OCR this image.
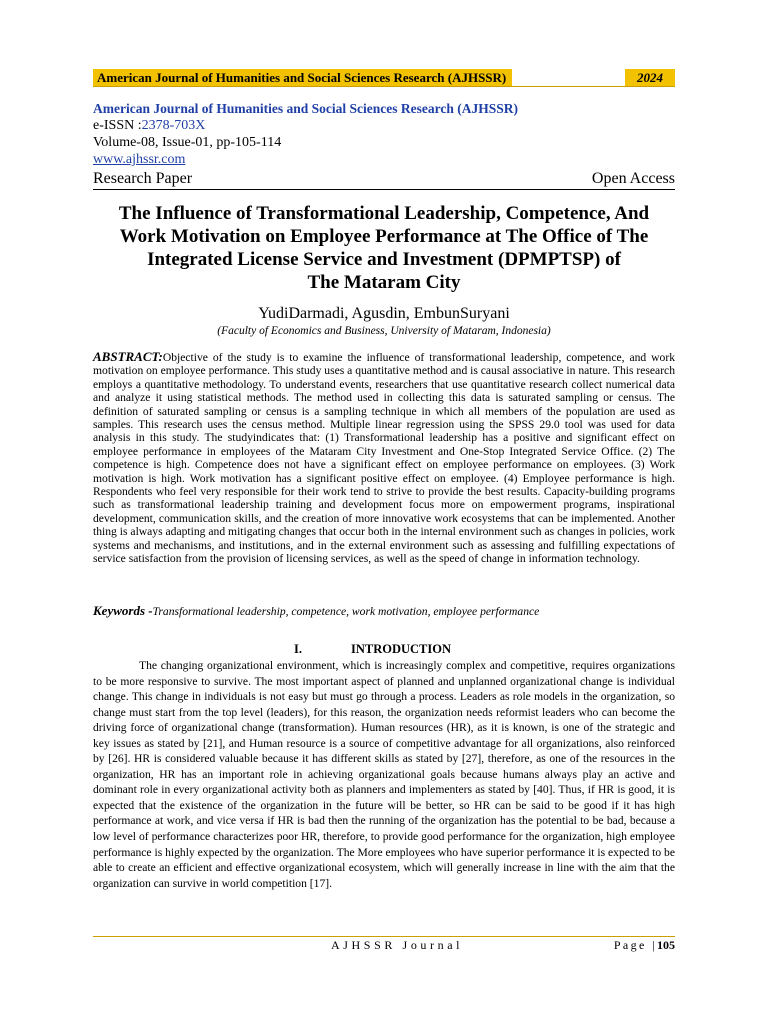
American Journal of Humanities and Social Sciences Research (AJHSSR)	2024
American Journal of Humanities and Social Sciences Research (AJHSSR)
e-ISSN :2378-703X
Volume-08, Issue-01, pp-105-114
www.ajhssr.com
Research Paper	Open Access
The Influence of Transformational Leadership, Competence, And
Work Motivation on Employee Performance at The Office of The
Integrated License Service and Investment (DPMPTSP) of
The Mataram City
YudiDarmadi, Agusdin, EmbunSuryani
(Faculty of Economics and Business, University of Mataram, Indonesia)
ABSTRACT:Objective of the study is to examine the influence of transformational leadership, competence, and work motivation on employee performance. This study uses a quantitative method and is causal associative in nature. This research employs a quantitative methodology. To understand events, researchers that use quantitative research collect numerical data and analyze it using statistical methods. The method used in collecting this data is saturated sampling or census. The definition of saturated sampling or census is a sampling technique in which all members of the population are used as samples. This research uses the census method. Multiple linear regression using the SPSS 29.0 tool was used for data analysis in this study. The studyindicates that: (1) Transformational leadership has a positive and significant effect on employee performance in employees of the Mataram City Investment and One-Stop Integrated Service Office. (2) The competence is high. Competence does not have a significant effect on employee performance on employees. (3) Work motivation is high. Work motivation has a significant positive effect on employee. (4) Employee performance is high. Respondents who feel very responsible for their work tend to strive to provide the best results. Capacity-building programs such as transformational leadership training and development focus more on empowerment programs, inspirational development, communication skills, and the creation of more innovative work ecosystems that can be implemented. Another thing is always adapting and mitigating changes that occur both in the internal environment such as changes in policies, work systems and mechanisms, and institutions, and in the external environment such as assessing and fulfilling expectations of service satisfaction from the provision of licensing services, as well as the speed of change in information technology.
Keywords -Transformational leadership, competence, work motivation, employee performance
I.	INTRODUCTION

The changing organizational environment, which is increasingly complex and competitive, requires organizations to be more responsive to survive. The most important aspect of planned and unplanned organizational change is individual change. This change in individuals is not easy but must go through a process. Leaders as role models in the organization, so change must start from the top level (leaders), for this reason, the organization needs reformist leaders who can become the driving force of organizational change (transformation). Human resources (HR), as it is known, is one of the strategic and key issues as stated by [21], and Human resource is a source of competitive advantage for all organizations, also reinforced by [26]. HR is considered valuable because it has different skills as stated by [27], therefore, as one of the resources in the organization, HR has an important role in achieving organizational goals because humans always play an active and dominant role in every organizational activity both as planners and implementers as stated by [40]. Thus, if HR is good, it is expected that the existence of the organization in the future will be better, so HR can be said to be good if it has high performance at work, and vice versa if HR is bad then the running of the organization has the potential to be bad, because a low level of performance characterizes poor HR, therefore, to provide good performance for the organization, high employee performance is highly expected by the organization. The More employees who have superior performance it is expected to be able to create an efficient and effective organizational ecosystem, which will generally increase in line with the aim that the organization can survive in world competition [17].

AJHSSR Journal	Page |105
